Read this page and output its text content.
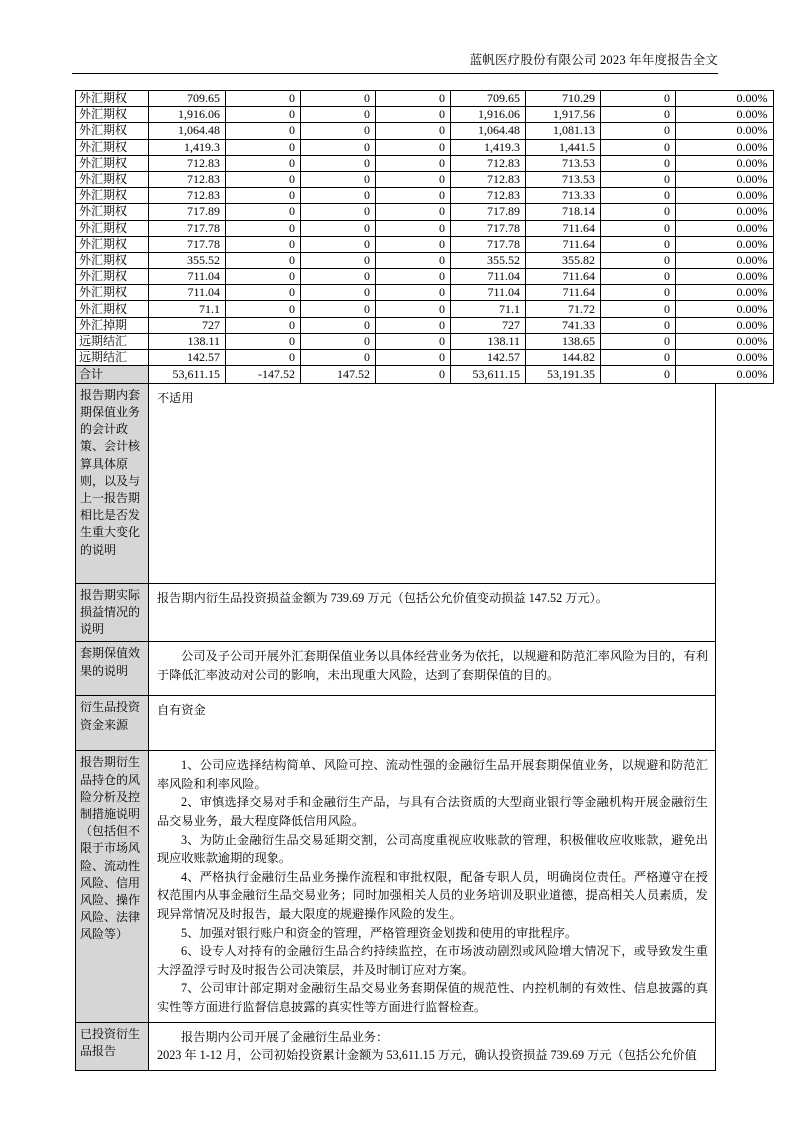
蓝帆医疗股份有限公司 2023 年年度报告全文
外汇期权	709.65	0	0	0	709.65	710.29	0	0.00%
外汇期权	1,916.06	0	0	0	1,916.06	1,917.56	0	0.00%
外汇期权	1,064.48	0	0	0	1,064.48	1,081.13	0	0.00%
外汇期权	1,419.3	0	0	0	1,419.3	1,441.5	0	0.00%
外汇期权	712.83	0	0	0	712.83	713.53	0	0.00%
外汇期权	712.83	0	0	0	712.83	713.53	0	0.00%
外汇期权	712.83	0	0	0	712.83	713.33	0	0.00%
外汇期权	717.89	0	0	0	717.89	718.14	0	0.00%
外汇期权	717.78	0	0	0	717.78	711.64	0	0.00%
外汇期权	717.78	0	0	0	717.78	711.64	0	0.00%
外汇期权	355.52	0	0	0	355.52	355.82	0	0.00%
外汇期权	711.04	0	0	0	711.04	711.64	0	0.00%
外汇期权	711.04	0	0	0	711.04	711.64	0	0.00%
外汇期权	71.1	0	0	0	71.1	71.72	0	0.00%
外汇掉期	727	0	0	0	727	741.33	0	0.00%
远期结汇	138.11	0	0	0	138.11	138.65	0	0.00%
远期结汇	142.57	0	0	0	142.57	144.82	0	0.00%
合计	53,611.15	-147.52	147.52	0	53,611.15	53,191.35	0	0.00%
报告期内套期保值业务的会计政策、会计核算具体原则，以及与上一报告期相比是否发生重大变化的说明	不适用							

报告期实际损益情况的说明	报告期内衍生品投资损益金额为 739.69 万元（包括公允价值变动损益 147.52 万元）。							

套期保值效果的说明	公司及子公司开展外汇套期保值业务以具体经营业务为依托，以规避和防范汇率风险为目的，有利于降低汇率波动对公司的影响，未出现重大风险，达到了套期保值的目的。							

衍生品投资资金来源	自有资金							

报告期衍生品持仓的风险分析及控制措施说明（包括但不限于市场风险、流动性风险、信用风险、操作风险、法律风险等）	

1、公司应选择结构简单、风险可控、流动性强的金融衍生品开展套期保值业务，以规避和防范汇率风险和利率风险。

2、审慎选择交易对手和金融衍生产品，与具有合法资质的大型商业银行等金融机构开展金融衍生品交易业务，最大程度降低信用风险。

3、为防止金融衍生品交易延期交割，公司高度重视应收账款的管理，积极催收应收账款，避免出现应收账款逾期的现象。

4、严格执行金融衍生品业务操作流程和审批权限，配备专职人员，明确岗位责任。严格遵守在授权范围内从事金融衍生品交易业务；同时加强相关人员的业务培训及职业道德，提高相关人员素质，发现异常情况及时报告，最大限度的规避操作风险的发生。

5、加强对银行账户和资金的管理，严格管理资金划拨和使用的审批程序。

6、设专人对持有的金融衍生品合约持续监控，在市场波动剧烈或风险增大情况下，或导致发生重大浮盈浮亏时及时报告公司决策层，并及时制订应对方案。

7、公司审计部定期对金融衍生品交易业务套期保值的规范性、内控机制的有效性、信息披露的真实性等方面进行监督信息披露的真实性等方面进行监督检查。

已投资衍生品报告	报告期内公司开展了金融衍生品业务：

2023 年 1-12 月，公司初始投资累计金额为 53,611.15 万元，确认投资损益 739.69 万元（包括公允价值							
